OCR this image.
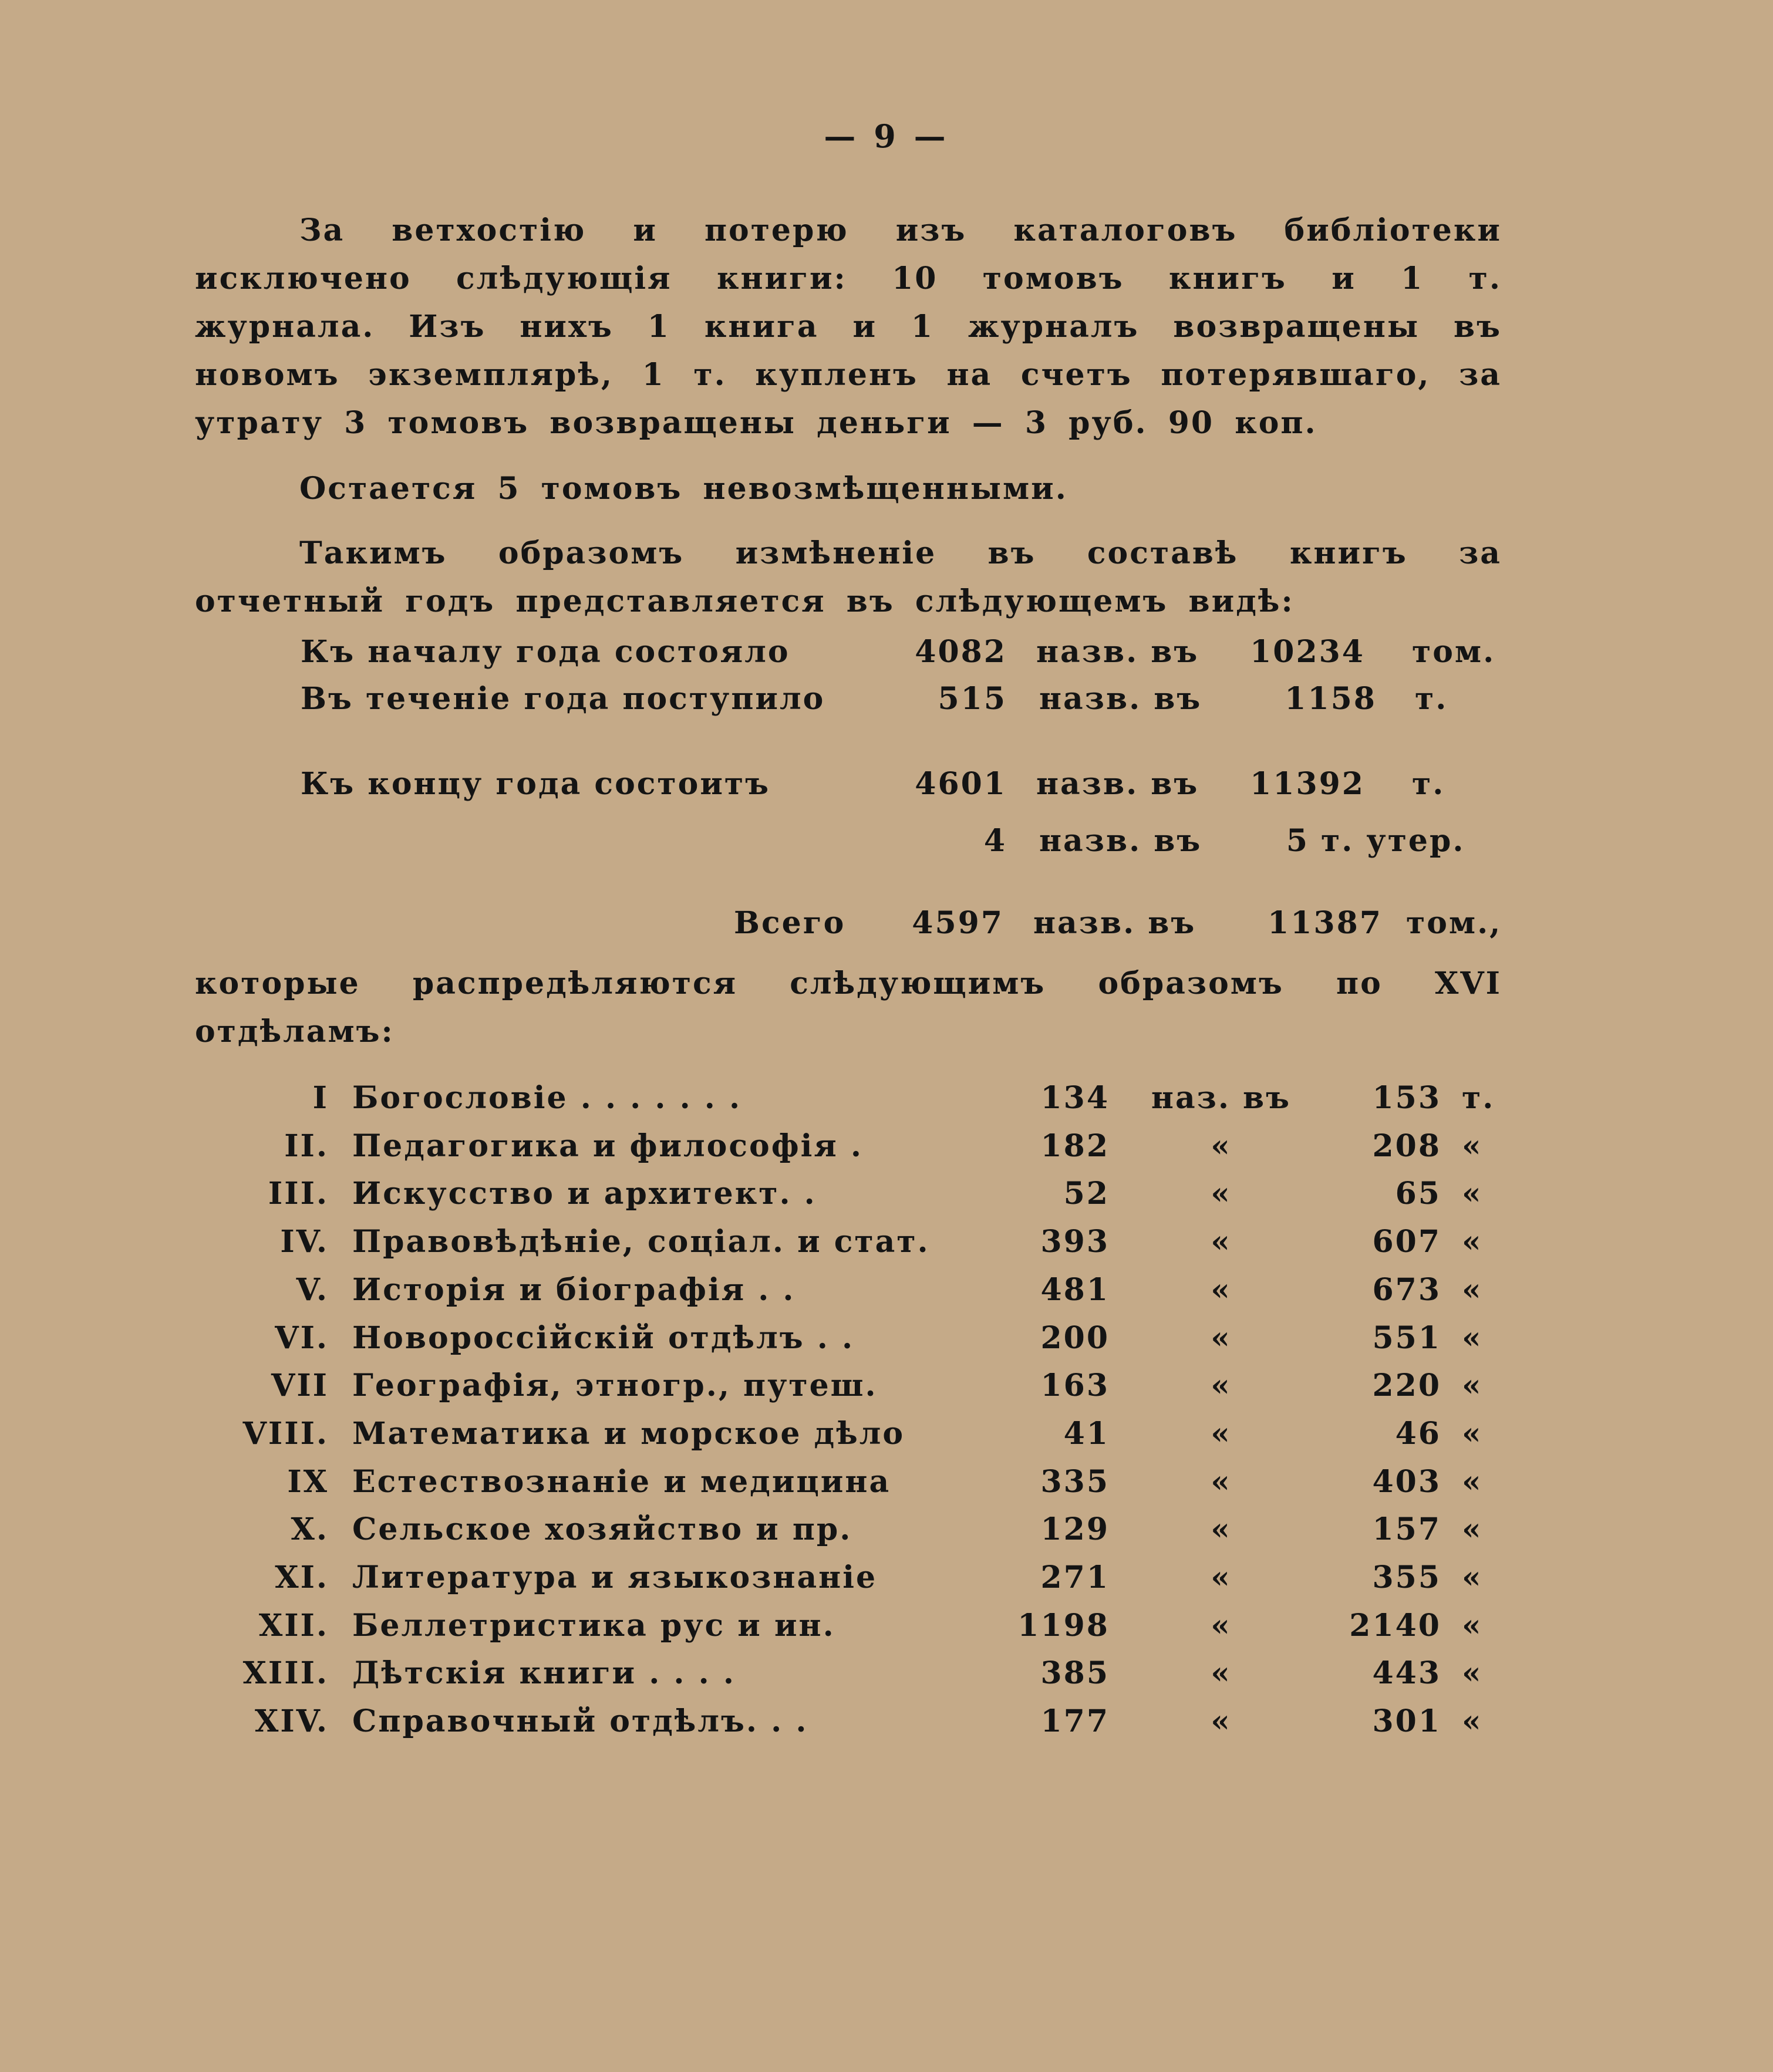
— 9 —
За ветхостію и потерю изъ каталоговъ библіотеки исключено слѣдующія книги: 10 томовъ книгъ и 1 т. журнала. Изъ нихъ 1 книга и 1 журналъ возвращены въ новомъ экземплярѣ, 1 т. купленъ на счетъ потерявшаго, за утрату 3 томовъ возвращены деньги — 3 руб. 90 коп.
Остается 5 томовъ невозмѣщенными.
Такимъ образомъ измѣненіе въ составѣ книгъ за отчетный годъ представляется въ слѣдующемъ видѣ:
Къ началу года состояло	4082 назв. въ	10234 том.
Въ теченіе года поступило	515 назв. въ	1158 т.
Къ концу года состоитъ	4601 назв. въ	11392 т.
4 назв. въ	5 т. утер.
Всего	4597 назв. въ	11387 том.,
которые распредѣляются слѣдующимъ образомъ по XVI отдѣламъ:
I Богословіе . . . . . . .	134	наз. въ	153 т.
II. Педагогика и философія .	182	«	208 «
III. Искусство и архитект. .	52	«	65 «
IV. Правовѣдѣніе, соціал. и стат.	393	«	607 «
V. Исторія и біографія . .	481	«	673 «
VI. Новороссійскій отдѣлъ . .	200	«	551 «
VII Географія, этногр., путеш.	163	«	220 «
VIII. Математика и морское дѣло	41	«	46 «
IX Естествознаніе и медицина	335	«	403 «
X. Сельское хозяйство и пр.	129	«	157 «
XI. Литература и языкознаніе	271	«	355 «
XII. Беллетристика рус и ин.	1198	«	2140 «
XIII. Дѣтскія книги . . . .	385	«	443 «
XIV. Справочный отдѣлъ. . .	177	«	301 «
